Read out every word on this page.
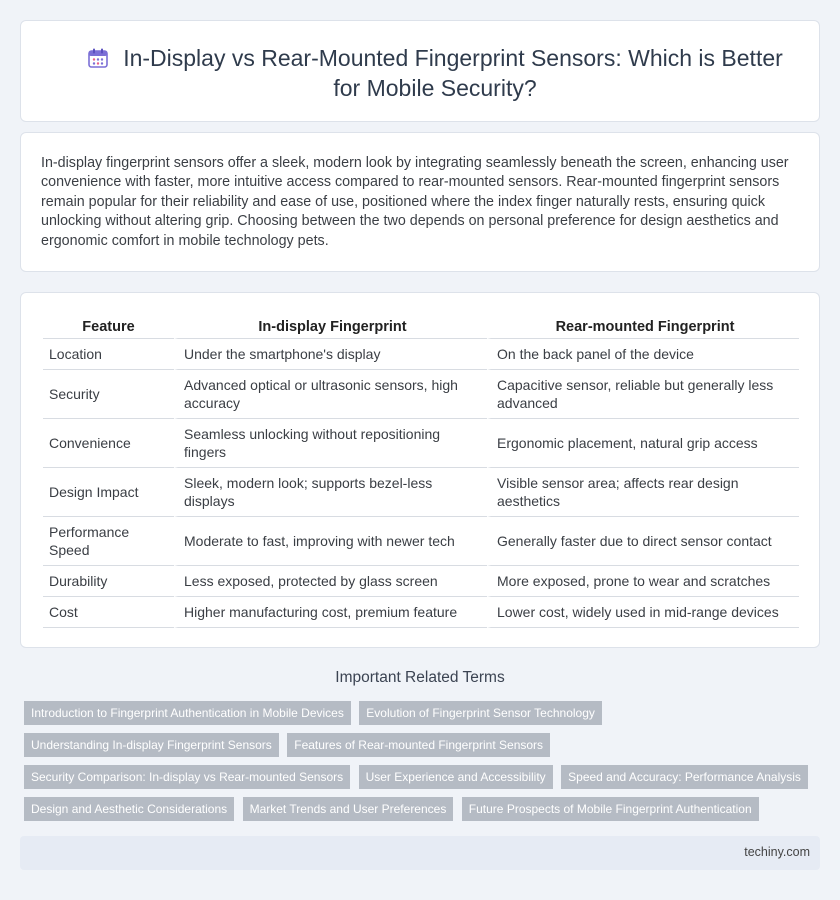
In-Display vs Rear-Mounted Fingerprint Sensors: Which is Better for Mobile Security?

In-display fingerprint sensors offer a sleek, modern look by integrating seamlessly beneath the screen, enhancing user convenience with faster, more intuitive access compared to rear-mounted sensors. Rear-mounted fingerprint sensors remain popular for their reliability and ease of use, positioned where the index finger naturally rests, ensuring quick unlocking without altering grip. Choosing between the two depends on personal preference for design aesthetics and ergonomic comfort in mobile technology pets.

Feature	In-display Fingerprint	Rear-mounted Fingerprint
Location	Under the smartphone's display	On the back panel of the device
Security	Advanced optical or ultrasonic sensors, high accuracy	Capacitive sensor, reliable but generally less advanced
Convenience	Seamless unlocking without repositioning fingers	Ergonomic placement, natural grip access
Design Impact	Sleek, modern look; supports bezel-less displays	Visible sensor area; affects rear design aesthetics
Performance Speed	Moderate to fast, improving with newer tech	Generally faster due to direct sensor contact
Durability	Less exposed, protected by glass screen	More exposed, prone to wear and scratches
Cost	Higher manufacturing cost, premium feature	Lower cost, widely used in mid-range devices
Important Related Terms
Introduction to Fingerprint Authentication in Mobile Devices Evolution of Fingerprint Sensor Technology
Understanding In-display Fingerprint Sensors Features of Rear-mounted Fingerprint Sensors
Security Comparison: In-display vs Rear-mounted Sensors User Experience and Accessibility Speed and Accuracy: Performance Analysis
Design and Aesthetic Considerations Market Trends and User Preferences Future Prospects of Mobile Fingerprint Authentication
techiny.com
